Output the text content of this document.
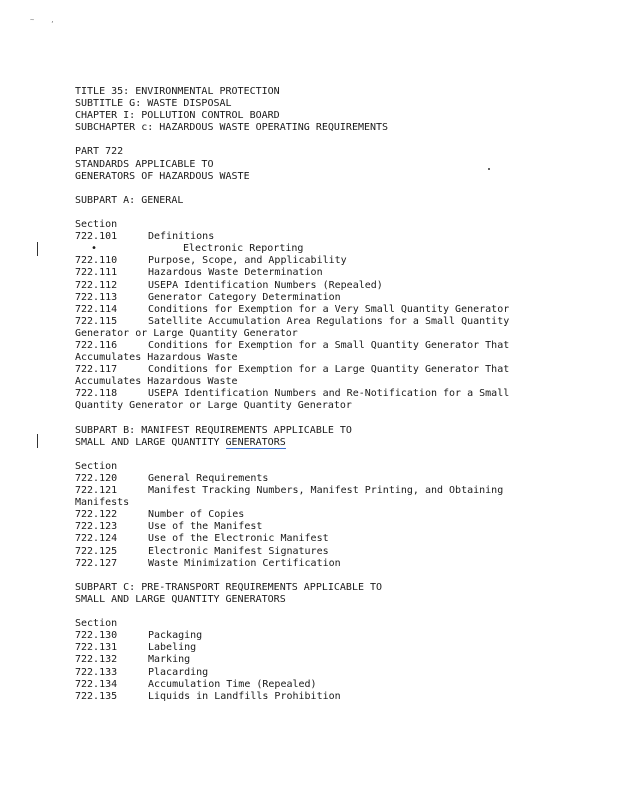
~ ,
TITLE 35: ENVIRONMENTAL PROTECTION
SUBTITLE G: WASTE DISPOSAL
CHAPTER I: POLLUTION CONTROL BOARD
SUBCHAPTER c: HAZARDOUS WASTE OPERATING REQUIREMENTS
PART 722
STANDARDS APPLICABLE TO
GENERATORS OF HAZARDOUS WASTE
SUBPART A: GENERAL
Section
722.101	Definitions
•	Electronic Reporting
722.110	Purpose, Scope, and Applicability
722.111	Hazardous Waste Determination
722.112	USEPA Identification Numbers (Repealed)
722.113	Generator Category Determination
722.114	Conditions for Exemption for a Very Small Quantity Generator
722.115	Satellite Accumulation Area Regulations for a Small Quantity
Generator or Large Quantity Generator
722.116	Conditions for Exemption for a Small Quantity Generator That
Accumulates Hazardous Waste
722.117	Conditions for Exemption for a Large Quantity Generator That
Accumulates Hazardous Waste
722.118	USEPA Identification Numbers and Re-Notification for a Small
Quantity Generator or Large Quantity Generator
SUBPART B: MANIFEST REQUIREMENTS APPLICABLE TO
SMALL AND LARGE QUANTITY GENERATORS
Section
722.120	General Requirements
722.121	Manifest Tracking Numbers, Manifest Printing, and Obtaining
Manifests
722.122	Number of Copies
722.123	Use of the Manifest
722.124	Use of the Electronic Manifest
722.125	Electronic Manifest Signatures
722.127	Waste Minimization Certification
SUBPART C: PRE-TRANSPORT REQUIREMENTS APPLICABLE TO
SMALL AND LARGE QUANTITY GENERATORS
Section
722.130	Packaging
722.131	Labeling
722.132	Marking
722.133	Placarding
722.134	Accumulation Time (Repealed)
722.135	Liquids in Landfills Prohibition
